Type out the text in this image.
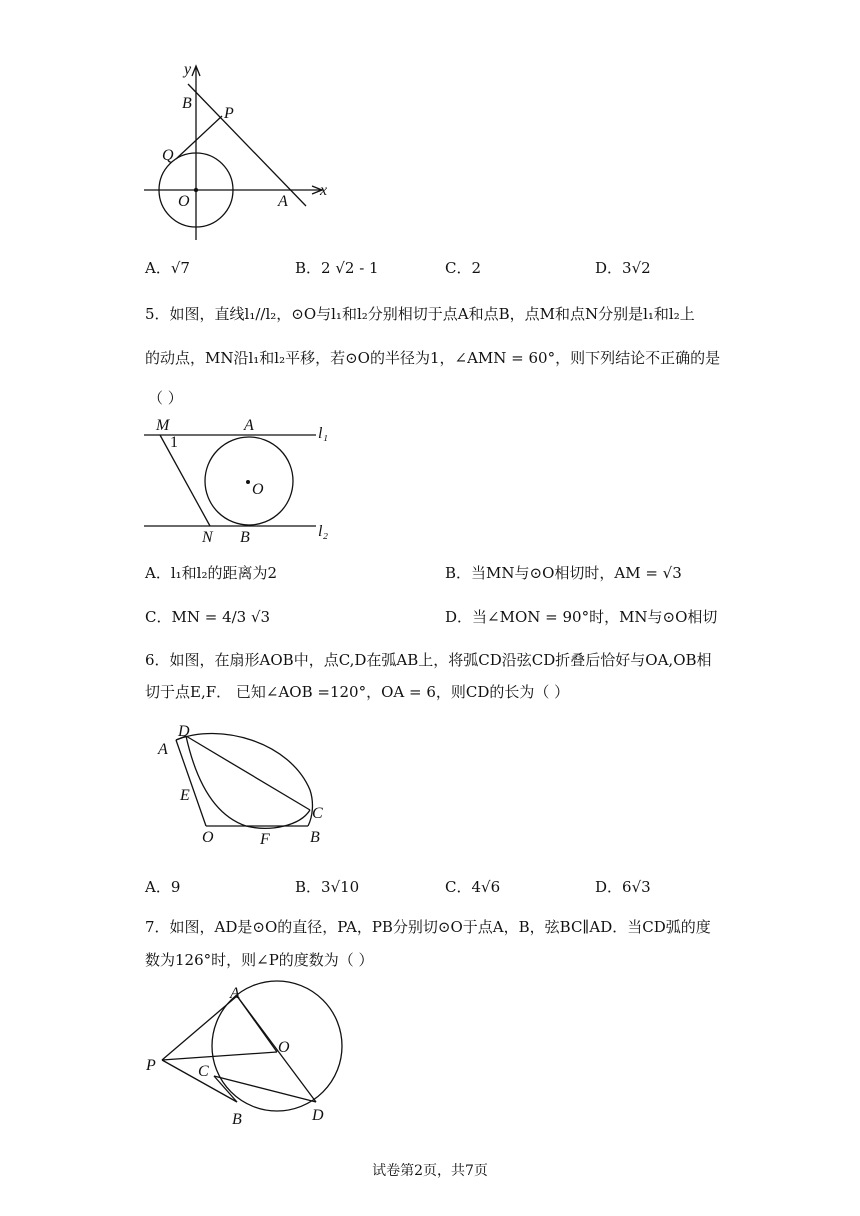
y
x
B
P
Q
O	A
A．√7	B．2 √2 - 1	C．2	D．3√2
5．如图，直线l₁//l₂，⊙O与l₁和l₂分别相切于点A和点B，点M和点N分别是l₁和l₂上
的动点，MN沿l₁和l₂平移，若⊙O的半径为1，∠AMN = 60°，则下列结论不正确的是
（ ）
M
1
A	l₁
O
N B	l₂
A．l₁和l₂的距离为2	B．当MN与⊙O相切时，AM = √3
C．MN = 4/3 √3	D．当∠MON = 90°时，MN与⊙O相切
6．如图，在扇形AOB中，点C,D在弧AB上，将弧CD沿弦CD折叠后恰好与OA,OB相
切于点E,F． 已知∠AOB =120°，OA = 6，则CD的长为（ ）
D
A
E
C
O	F	B
A．9	B．3√10	C．4√6	D．6√3
7．如图，AD是⊙O的直径，PA，PB分别切⊙O于点A，B，弦BC∥AD．当CD弧的度
数为126°时，则∠P的度数为（ ）
A
O
P	C
B	D
试卷第2页，共7页
